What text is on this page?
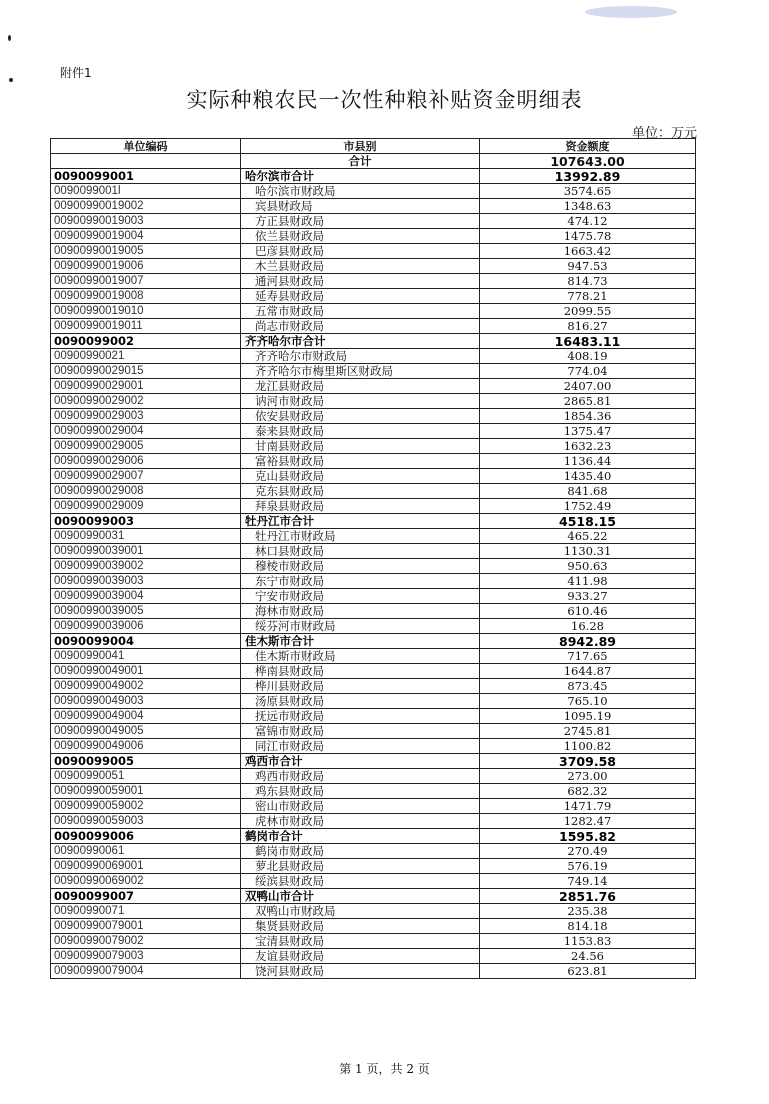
附件1
实际种粮农民一次性种粮补贴资金明细表
单位：万元
单位编码	市县别	资金额度
	合计	107643.00
0090099001	哈尔滨市合计	13992.89
0090099001l	哈尔滨市财政局	3574.65
00900990019002	宾县财政局	1348.63
00900990019003	方正县财政局	474.12
00900990019004	依兰县财政局	1475.78
00900990019005	巴彦县财政局	1663.42
00900990019006	木兰县财政局	947.53
00900990019007	通河县财政局	814.73
00900990019008	延寿县财政局	778.21
00900990019010	五常市财政局	2099.55
00900990019011	尚志市财政局	816.27
0090099002	齐齐哈尔市合计	16483.11
00900990021	齐齐哈尔市财政局	408.19
00900990029015	齐齐哈尔市梅里斯区财政局	774.04
00900990029001	龙江县财政局	2407.00
00900990029002	讷河市财政局	2865.81
00900990029003	依安县财政局	1854.36
00900990029004	泰来县财政局	1375.47
00900990029005	甘南县财政局	1632.23
00900990029006	富裕县财政局	1136.44
00900990029007	克山县财政局	1435.40
00900990029008	克东县财政局	841.68
00900990029009	拜泉县财政局	1752.49
0090099003	牡丹江市合计	4518.15
00900990031	牡丹江市财政局	465.22
00900990039001	林口县财政局	1130.31
00900990039002	穆棱市财政局	950.63
00900990039003	东宁市财政局	411.98
00900990039004	宁安市财政局	933.27
00900990039005	海林市财政局	610.46
00900990039006	绥芬河市财政局	16.28
0090099004	佳木斯市合计	8942.89
00900990041	佳木斯市财政局	717.65
00900990049001	桦南县财政局	1644.87
00900990049002	桦川县财政局	873.45
00900990049003	汤原县财政局	765.10
00900990049004	抚远市财政局	1095.19
00900990049005	富锦市财政局	2745.81
00900990049006	同江市财政局	1100.82
0090099005	鸡西市合计	3709.58
00900990051	鸡西市财政局	273.00
00900990059001	鸡东县财政局	682.32
00900990059002	密山市财政局	1471.79
00900990059003	虎林市财政局	1282.47
0090099006	鹤岗市合计	1595.82
00900990061	鹤岗市财政局	270.49
00900990069001	萝北县财政局	576.19
00900990069002	绥滨县财政局	749.14
0090099007	双鸭山市合计	2851.76
00900990071	双鸭山市财政局	235.38
00900990079001	集贤县财政局	814.18
00900990079002	宝清县财政局	1153.83
00900990079003	友谊县财政局	24.56
00900990079004	饶河县财政局	623.81
第 1 页，共 2 页
